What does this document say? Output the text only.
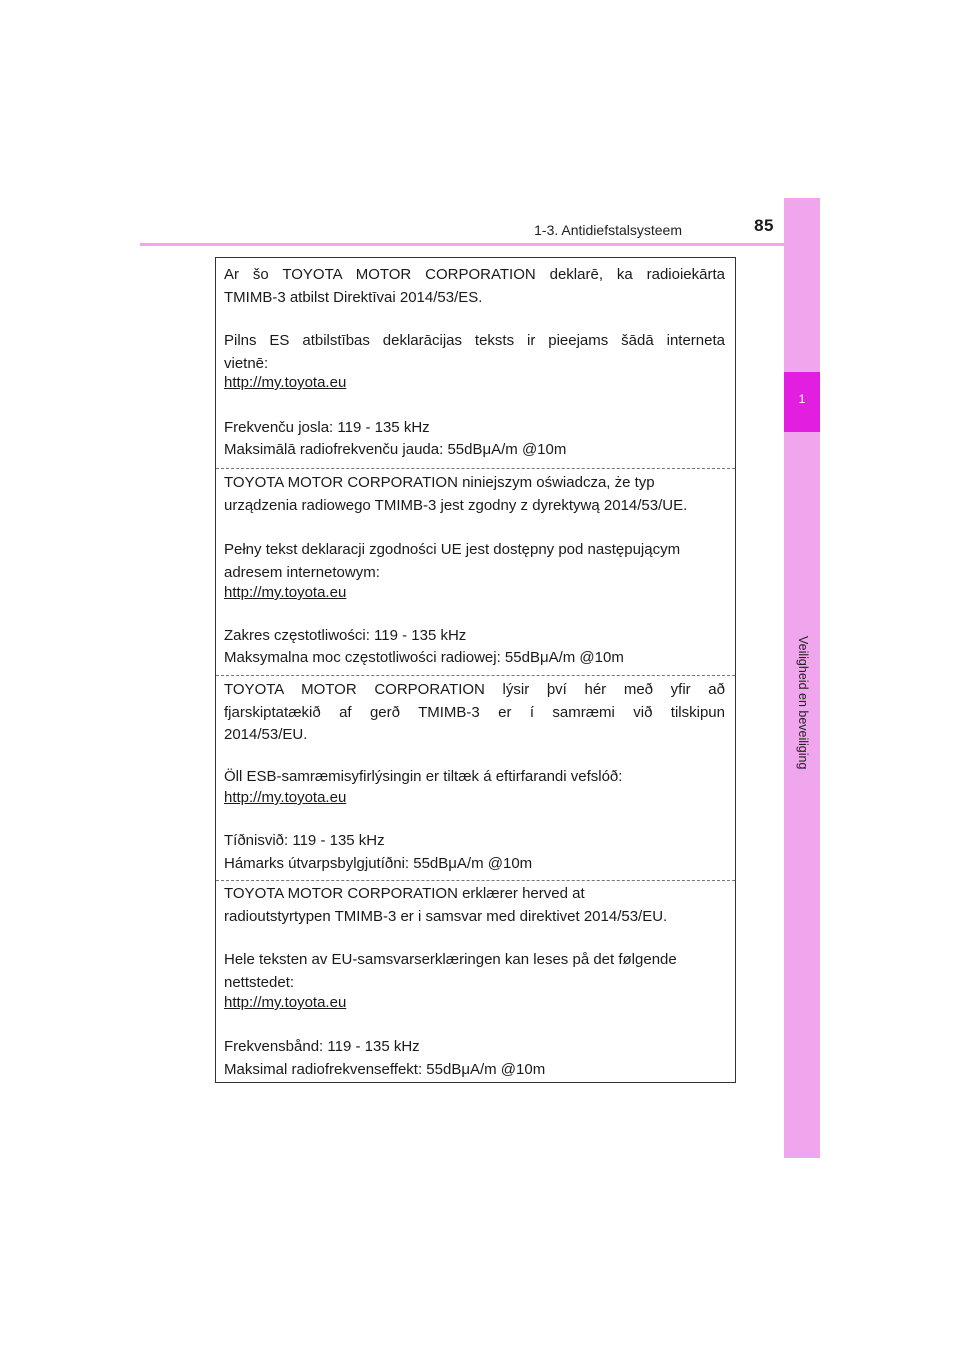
85
1-3. Antidiefstalsysteem
1
Veiligheid en beveiliging
Ar šo TOYOTA MOTOR CORPORATION deklarē, ka radioiekārta
TMIMB-3 atbilst Direktīvai 2014/53/ES.
Pilns ES atbilstības deklarācijas teksts ir pieejams šādā interneta
vietnē:
http://my.toyota.eu
Frekvenču josla: 119 - 135 kHz
Maksimālā radiofrekvenču jauda: 55dBμA/m @10m
TOYOTA MOTOR CORPORATION niniejszym oświadcza, że typ
urządzenia radiowego TMIMB-3 jest zgodny z dyrektywą 2014/53/UE.
Pełny tekst deklaracji zgodności UE jest dostępny pod następującym
adresem internetowym:
http://my.toyota.eu
Zakres częstotliwości: 119 - 135 kHz
Maksymalna moc częstotliwości radiowej: 55dBμA/m @10m
TOYOTA MOTOR CORPORATION lýsir því hér með yfir að
fjarskiptatækið af gerð TMIMB-3 er í samræmi við tilskipun
2014/53/EU.
Öll ESB-samræmisyfirlýsingin er tiltæk á eftirfarandi vefslóð:
http://my.toyota.eu
Tíðnisvið: 119 - 135 kHz
Hámarks útvarpsbylgjutíðni: 55dBμA/m @10m
TOYOTA MOTOR CORPORATION erklærer herved at
radioutstyrtypen TMIMB-3 er i samsvar med direktivet 2014/53/EU.
Hele teksten av EU-samsvarserklæringen kan leses på det følgende
nettstedet:
http://my.toyota.eu
Frekvensbånd: 119 - 135 kHz
Maksimal radiofrekvenseffekt: 55dBμA/m @10m
